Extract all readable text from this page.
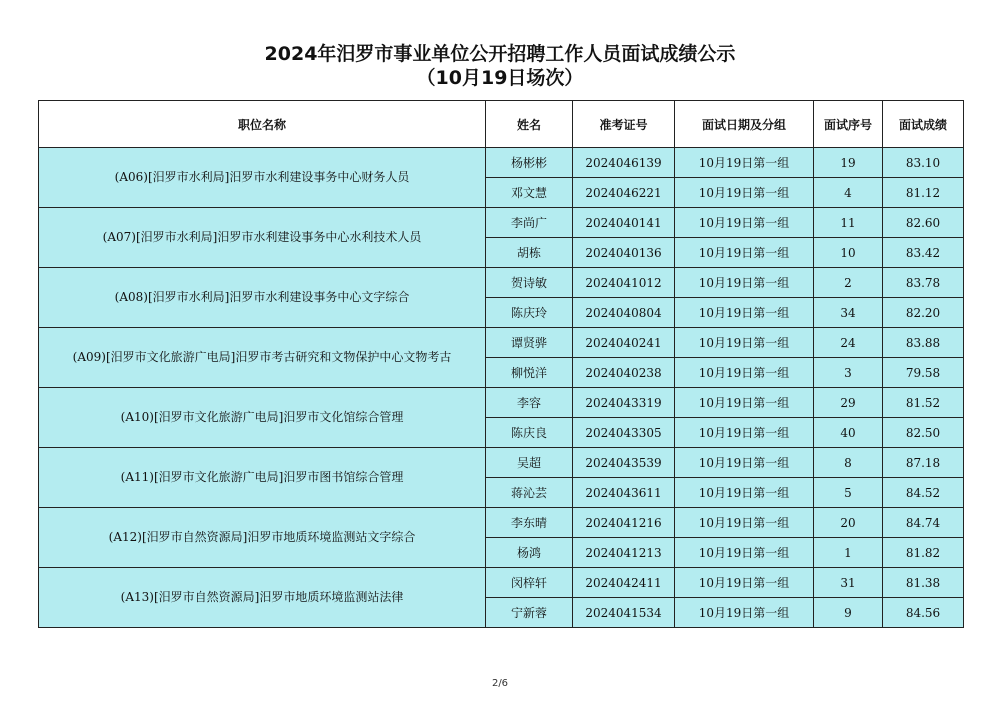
2024年汨罗市事业单位公开招聘工作人员面试成绩公示
（10月19日场次）
职位名称	姓名	准考证号	面试日期及分组	面试序号	面试成绩
(A06)[汨罗市水利局]汨罗市水利建设事务中心财务人员	杨彬彬	2024046139	10月19日第一组	19	83.10
	邓文慧	2024046221	10月19日第一组	4	81.12
(A07)[汨罗市水利局]汨罗市水利建设事务中心水利技术人员	李尚广	2024040141	10月19日第一组	11	82.60
	胡栋	2024040136	10月19日第一组	10	83.42
(A08)[汨罗市水利局]汨罗市水利建设事务中心文字综合	贺诗敏	2024041012	10月19日第一组	2	83.78
	陈庆玲	2024040804	10月19日第一组	34	82.20
(A09)[汨罗市文化旅游广电局]汨罗市考古研究和文物保护中心文物考古	谭贤骅	2024040241	10月19日第一组	24	83.88
	柳悦洋	2024040238	10月19日第一组	3	79.58
(A10)[汨罗市文化旅游广电局]汨罗市文化馆综合管理	李容	2024043319	10月19日第一组	29	81.52
	陈庆良	2024043305	10月19日第一组	40	82.50
(A11)[汨罗市文化旅游广电局]汨罗市图书馆综合管理	吴超	2024043539	10月19日第一组	8	87.18
	蒋沁芸	2024043611	10月19日第一组	5	84.52
(A12)[汨罗市自然资源局]汨罗市地质环境监测站文字综合	李东晴	2024041216	10月19日第一组	20	84.74
	杨鸿	2024041213	10月19日第一组	1	81.82
(A13)[汨罗市自然资源局]汨罗市地质环境监测站法律	闵梓轩	2024042411	10月19日第一组	31	81.38
	宁新蓉	2024041534	10月19日第一组	9	84.56
2/6
